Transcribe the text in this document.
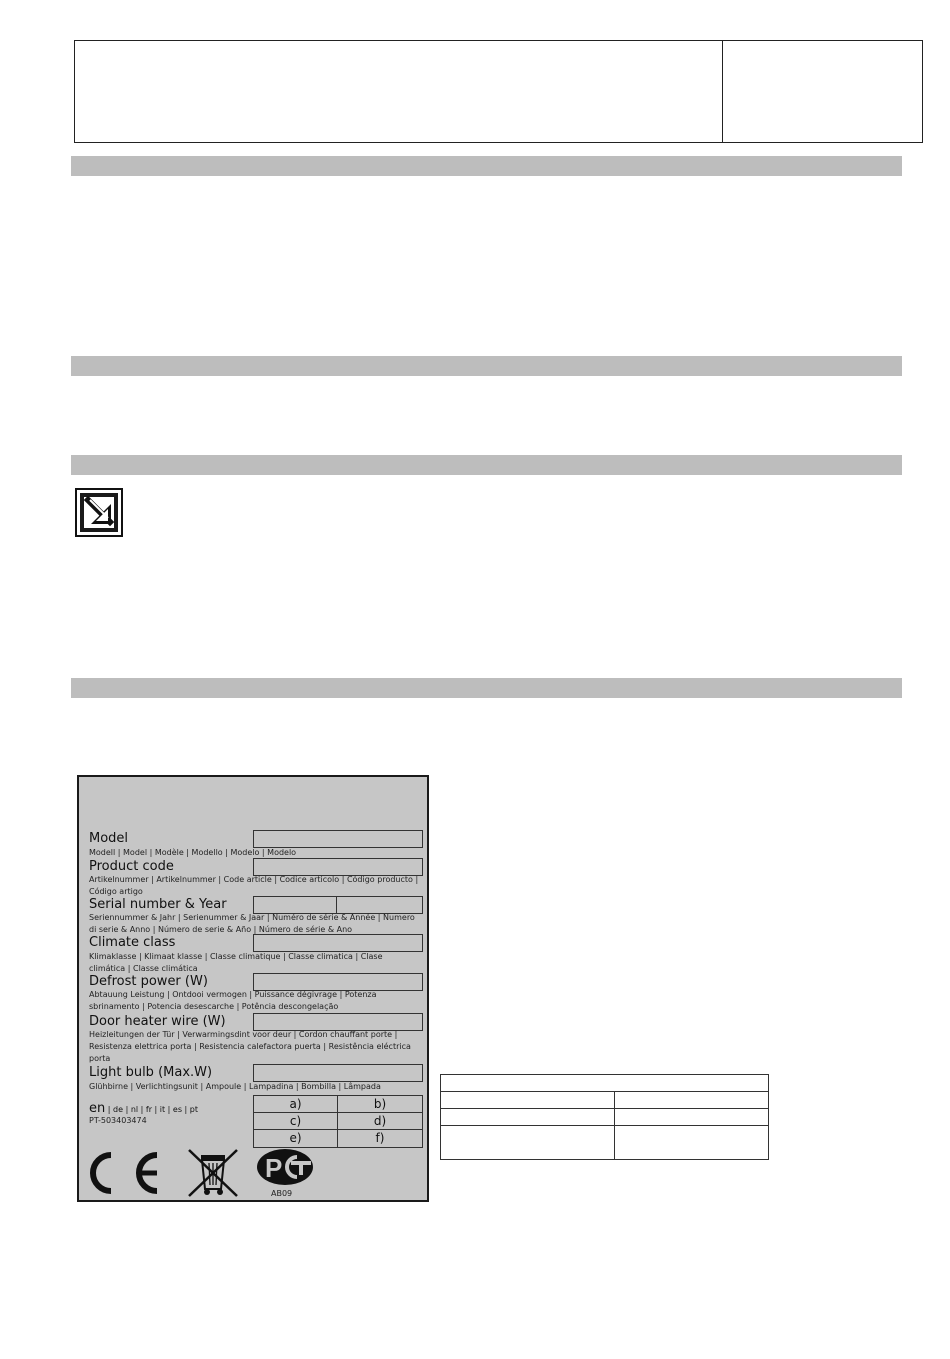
Model
Modell | Model | Modèle | Modello | Modelo | Modelo
Product code
Artikelnummer | Artikelnummer | Code article | Codice articolo | Código producto | Código artigo
Serial number & Year
Seriennummer & Jahr | Serienummer & Jaar | Numéro de série & Année | Numero di serie & Anno | Número de serie & Año | Número de série & Ano
Climate class
Klimaklasse | Klimaat klasse | Classe climatique | Classe climatica | Clase climática | Classe climática
Defrost power (W)
Abtauung Leistung | Ontdooi vermogen | Puissance dégivrage | Potenza sbrinamento | Potencia desescarche | Potência descongelação
Door heater wire (W)
Heizleitungen der Tür | Verwarmingsdint voor deur | Cordon chauffant porte | Resistenza elettrica porta | Resistencia calefactora puerta | Resistência eléctrica porta
Light bulb (Max.W)
Glühbirne | Verlichtingsunit | Ampoule | Lampadina | Bombilla | Lâmpada
en | de | nl | fr | it | es | pt
PT-503403474
a)	b)
c)	d)
e)	f)
P
AB09
